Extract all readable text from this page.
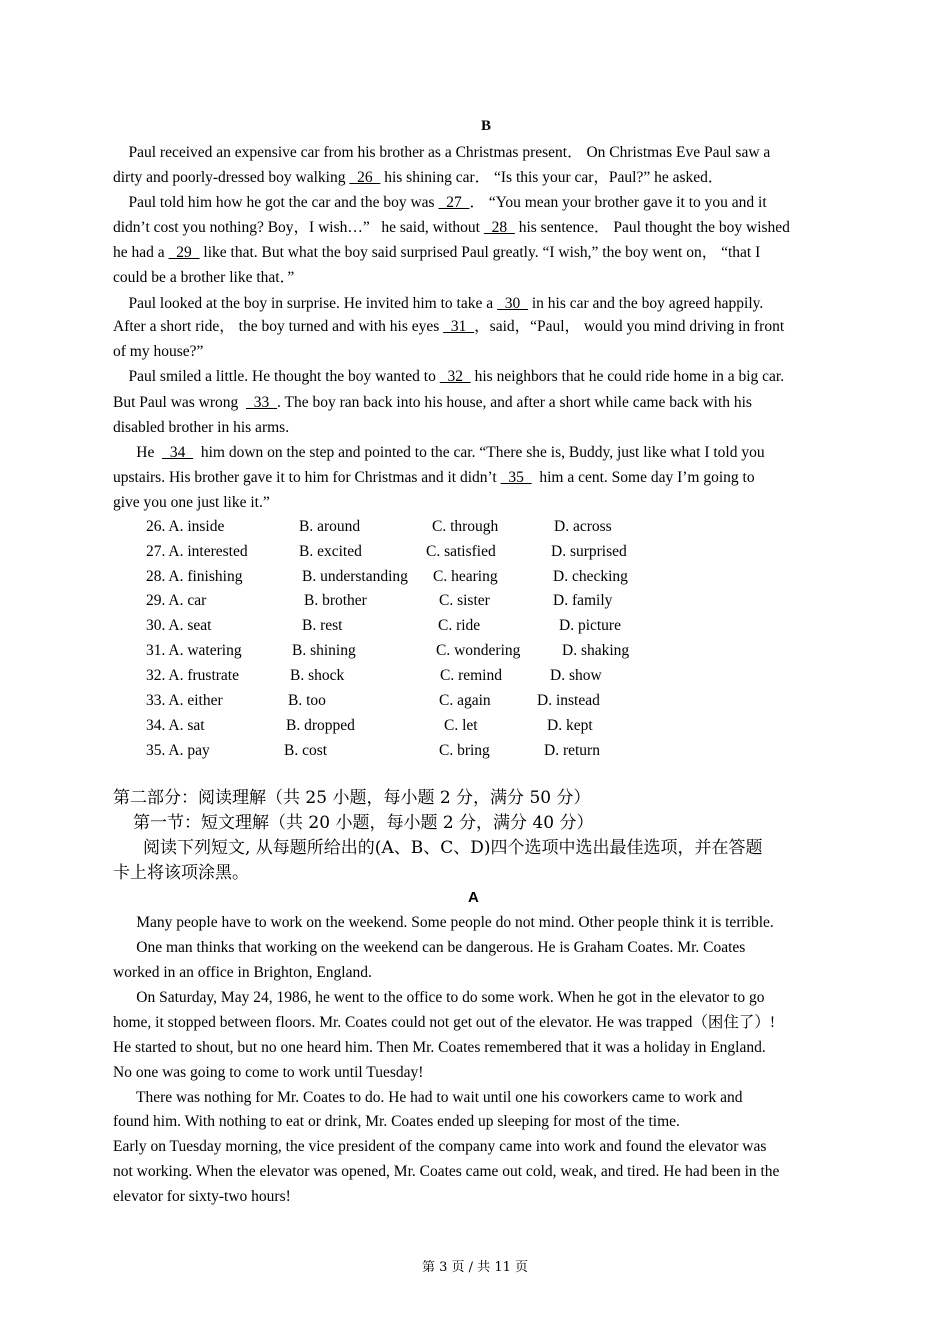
B
Paul received an expensive car from his brother as a Christmas present． On Christmas Eve Paul saw a
dirty and poorly-dressed boy walking   26   his shining car． “Is this your car，Paul?” he asked．
Paul told him how he got the car and the boy was   27  ． “You mean your brother gave it to you and it
didn’t cost you nothing? Boy，I wish…”   he said, without   28   his sentence． Paul thought the boy wished
he had a   29   like that. But what the boy said surprised Paul greatly. “I wish,” the boy went on， “that I
could be a brother like that．”
Paul looked at the boy in surprise. He invited him to take a   30   in his car and the boy agreed happily.
After a short ride， the boy turned and with his eyes   31  ，said，“Paul， would you mind driving in front
of my house?”
Paul smiled a little. He thought the boy wanted to   32   his neighbors that he could ride home in a big car.
But Paul was wrong    33  . The boy ran back into his house, and after a short while came back with his
disabled brother in his arms.
He    34    him down on the step and pointed to the car. “There she is, Buddy, just like what I told you
upstairs. His brother gave it to him for Christmas and it didn’t   35    him a cent. Some day I’m going to
give you one just like it.”
26. A. inside	B. around	C. through	D. across
27. A. interested	B. excited	C. satisfied	D. surprised
28. A. finishing	B. understanding C. hearing	D. checking
29. A. car	B. brother	C. sister	D. family
30. A. seat	B. rest	C. ride	D. picture
31. A. watering	B. shining	C. wondering	D. shaking
32. A. frustrate	B. shock	C. remind	D. show
33. A. either	B. too	C. again	D. instead
34. A. sat	B. dropped	C. let	D. kept
35. A. pay	B. cost	C. bring	D. return
第二部分：阅读理解（共 25 小题，每小题 2 分，满分 50 分）
第一节：短文理解（共 20 小题，每小题 2 分，满分 40 分）
阅读下列短文, 从每题所给出的(A、B、C、D)四个选项中选出最佳选项，并在答题
卡上将该项涂黑。
A
Many people have to work on the weekend. Some people do not mind. Other people think it is terrible.
One man thinks that working on the weekend can be dangerous. He is Graham Coates. Mr. Coates
worked in an office in Brighton, England.
On Saturday, May 24, 1986, he went to the office to do some work. When he got in the elevator to go
home, it stopped between floors. Mr. Coates could not get out of the elevator. He was trapped（困住了）!
He started to shout, but no one heard him. Then Mr. Coates remembered that it was a holiday in England.
No one was going to come to work until Tuesday!
There was nothing for Mr. Coates to do. He had to wait until one his coworkers came to work and
found him. With nothing to eat or drink, Mr. Coates ended up sleeping for most of the time.
Early on Tuesday morning, the vice president of the company came into work and found the elevator was
not working. When the elevator was opened, Mr. Coates came out cold, weak, and tired. He had been in the
elevator for sixty-two hours!
第 3 页 / 共 11 页
